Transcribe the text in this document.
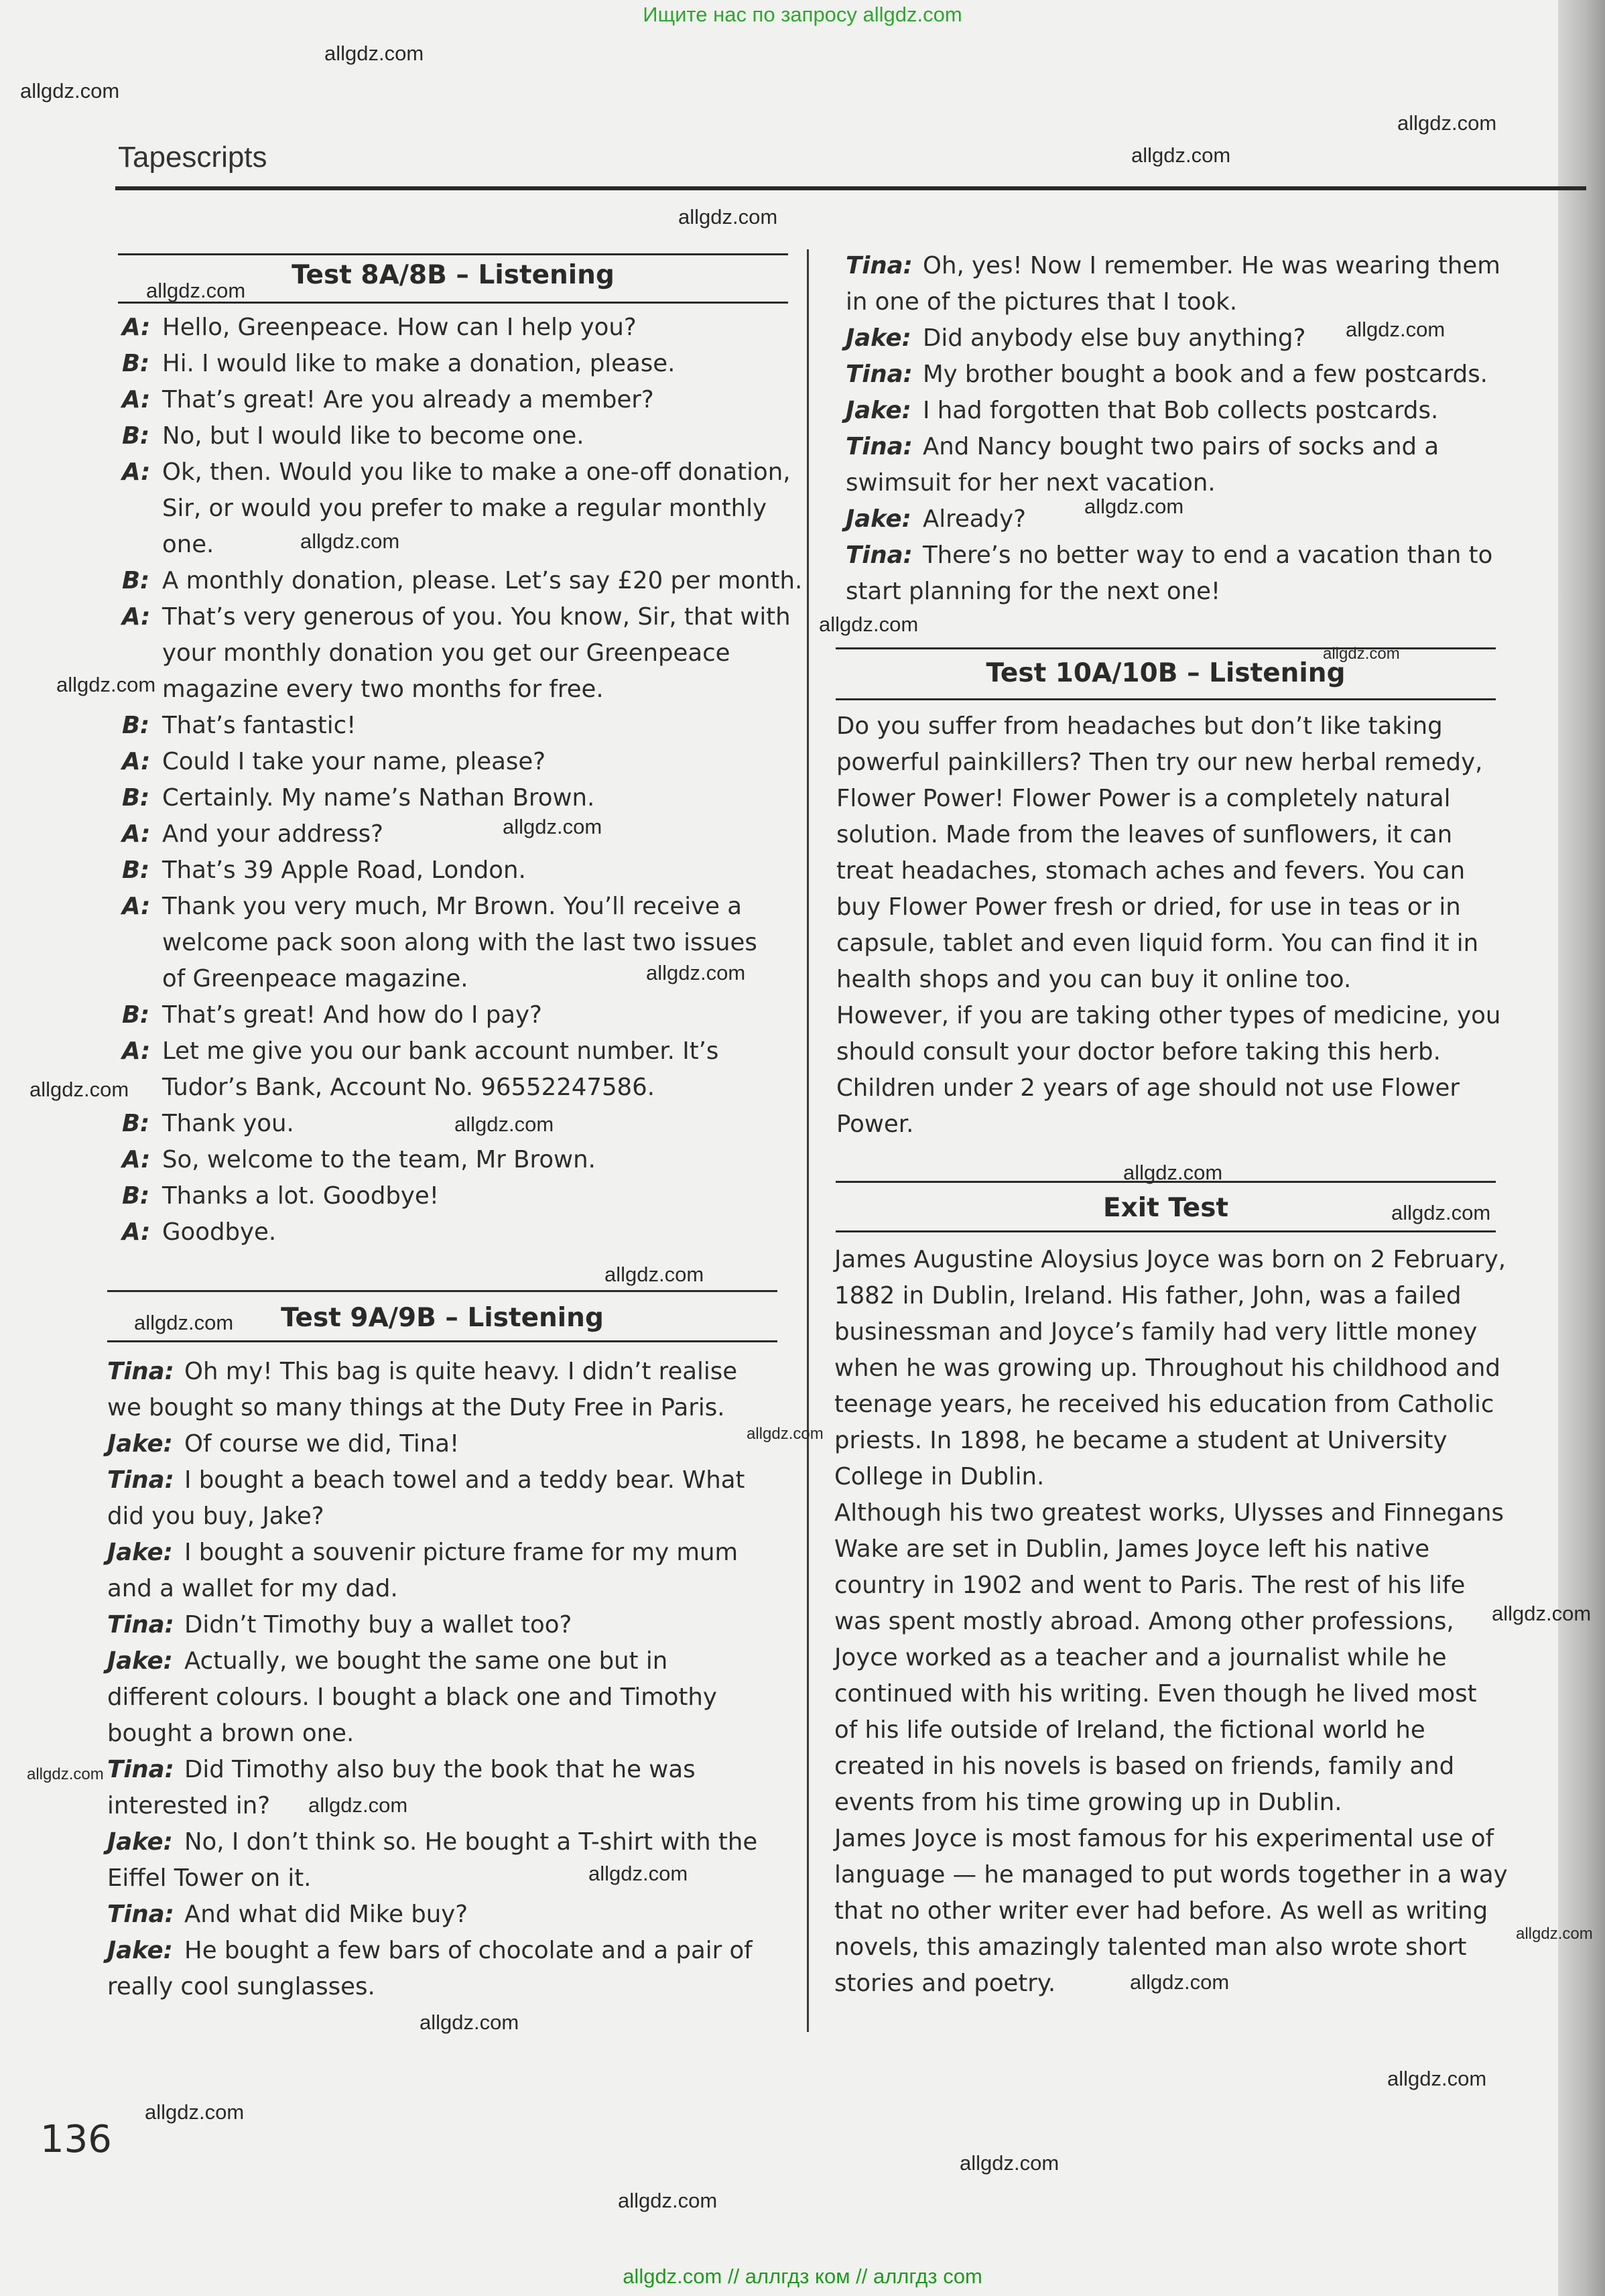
Ищите нас по запросу allgdz.com
Tapescripts
Test 8A/8B – Listening
A: Hello, Greenpeace. How can I help you?
B: Hi. I would like to make a donation, please.
A: That’s great! Are you already a member?
B: No, but I would like to become one.
A: Ok, then. Would you like to make a one-off donation,
Sir, or would you prefer to make a regular monthly
one.
B: A monthly donation, please. Let’s say £20 per month.
A: That’s very generous of you. You know, Sir, that with
your monthly donation you get our Greenpeace
magazine every two months for free.
B: That’s fantastic!
A: Could I take your name, please?
B: Certainly. My name’s Nathan Brown.
A: And your address?
B: That’s 39 Apple Road, London.
A: Thank you very much, Mr Brown. You’ll receive a
welcome pack soon along with the last two issues
of Greenpeace magazine.
B: That’s great! And how do I pay?
A: Let me give you our bank account number. It’s
Tudor’s Bank, Account No. 96552247586.
B: Thank you.
A: So, welcome to the team, Mr Brown.
B: Thanks a lot. Goodbye!
A: Goodbye.
Test 9A/9B – Listening
Tina: Oh my! This bag is quite heavy. I didn’t realise
we bought so many things at the Duty Free in Paris.
Jake: Of course we did, Tina!
Tina: I bought a beach towel and a teddy bear. What
did you buy, Jake?
Jake: I bought a souvenir picture frame for my mum
and a wallet for my dad.
Tina: Didn’t Timothy buy a wallet too?
Jake: Actually, we bought the same one but in
different colours. I bought a black one and Timothy
bought a brown one.
Tina: Did Timothy also buy the book that he was
interested in?
Jake: No, I don’t think so. He bought a T-shirt with the
Eiffel Tower on it.
Tina: And what did Mike buy?
Jake: He bought a few bars of chocolate and a pair of
really cool sunglasses.
Tina: Oh, yes! Now I remember. He was wearing them
in one of the pictures that I took.
Jake: Did anybody else buy anything?
Tina: My brother bought a book and a few postcards.
Jake: I had forgotten that Bob collects postcards.
Tina: And Nancy bought two pairs of socks and a
swimsuit for her next vacation.
Jake: Already?
Tina: There’s no better way to end a vacation than to
start planning for the next one!
Test 10A/10B – Listening
Do you suffer from headaches but don’t like taking
powerful painkillers? Then try our new herbal remedy,
Flower Power! Flower Power is a completely natural
solution. Made from the leaves of sunflowers, it can
treat headaches, stomach aches and fevers. You can
buy Flower Power fresh or dried, for use in teas or in
capsule, tablet and even liquid form. You can find it in
health shops and you can buy it online too.
However, if you are taking other types of medicine, you
should consult your doctor before taking this herb.
Children under 2 years of age should not use Flower
Power.
Exit Test
James Augustine Aloysius Joyce was born on 2 February,
1882 in Dublin, Ireland. His father, John, was a failed
businessman and Joyce’s family had very little money
when he was growing up. Throughout his childhood and
teenage years, he received his education from Catholic
priests. In 1898, he became a student at University
College in Dublin.
Although his two greatest works, Ulysses and Finnegans
Wake are set in Dublin, James Joyce left his native
country in 1902 and went to Paris. The rest of his life
was spent mostly abroad. Among other professions,
Joyce worked as a teacher and a journalist while he
continued with his writing. Even though he lived most
of his life outside of Ireland, the fictional world he
created in his novels is based on friends, family and
events from his time growing up in Dublin.
James Joyce is most famous for his experimental use of
language — he managed to put words together in a way
that no other writer ever had before. As well as writing
novels, this amazingly talented man also wrote short
stories and poetry.
136
allgdz.com
allgdz.com
allgdz.com
allgdz.com
allgdz.com
allgdz.com
allgdz.com
allgdz.com
allgdz.com
allgdz.com
allgdz.com
allgdz.com
allgdz.com
allgdz.com
allgdz.com
allgdz.com
allgdz.com
allgdz.com
allgdz.com
allgdz.com
allgdz.com
allgdz.com
allgdz.com
allgdz.com
allgdz.com
allgdz.com
allgdz.com
allgdz.com
allgdz.com
allgdz.com
allgdz.com
allgdz.com
allgdz.com // аллгдз ком // аллгдз com
